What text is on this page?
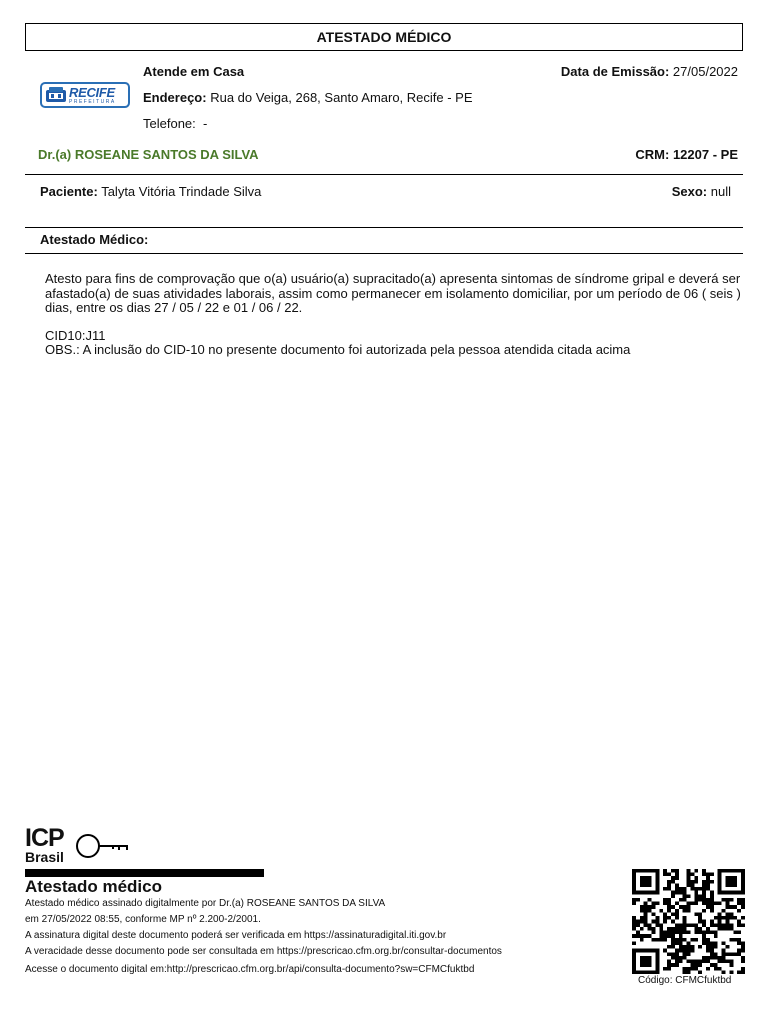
ATESTADO MÉDICO
RECIFE
PREFEITURA
Atende em Casa	Data de Emissão: 27/05/2022
Endereço: Rua do Veiga, 268, Santo Amaro, Recife - PE
Telefone: -
Dr.(a) ROSEANE SANTOS DA SILVA	CRM: 12207 - PE
Paciente: Talyta Vitória Trindade Silva	Sexo: null
Atestado Médico:
Atesto para fins de comprovação que o(a) usuário(a) supracitado(a) apresenta sintomas de síndrome gripal e deverá ser
afastado(a) de suas atividades laborais, assim como permanecer em isolamento domiciliar, por um período de 06 ( seis )
dias, entre os dias 27 / 05 / 22 e 01 / 06 / 22.
CID10:J11
OBS.: A inclusão do CID-10 no presente documento foi autorizada pela pessoa atendida citada acima
ICP
Brasil
Atestado médico
Atestado médico assinado digitalmente por Dr.(a) ROSEANE SANTOS DA SILVA
em 27/05/2022 08:55, conforme MP nº 2.200-2/2001.
A assinatura digital deste documento poderá ser verificada em https://assinaturadigital.iti.gov.br
A veracidade desse documento pode ser consultada em https://prescricao.cfm.org.br/consultar-documentos
Acesse o documento digital em:http://prescricao.cfm.org.br/api/consulta-documento?sw=CFMCfuktbd
Código: CFMCfuktbd
